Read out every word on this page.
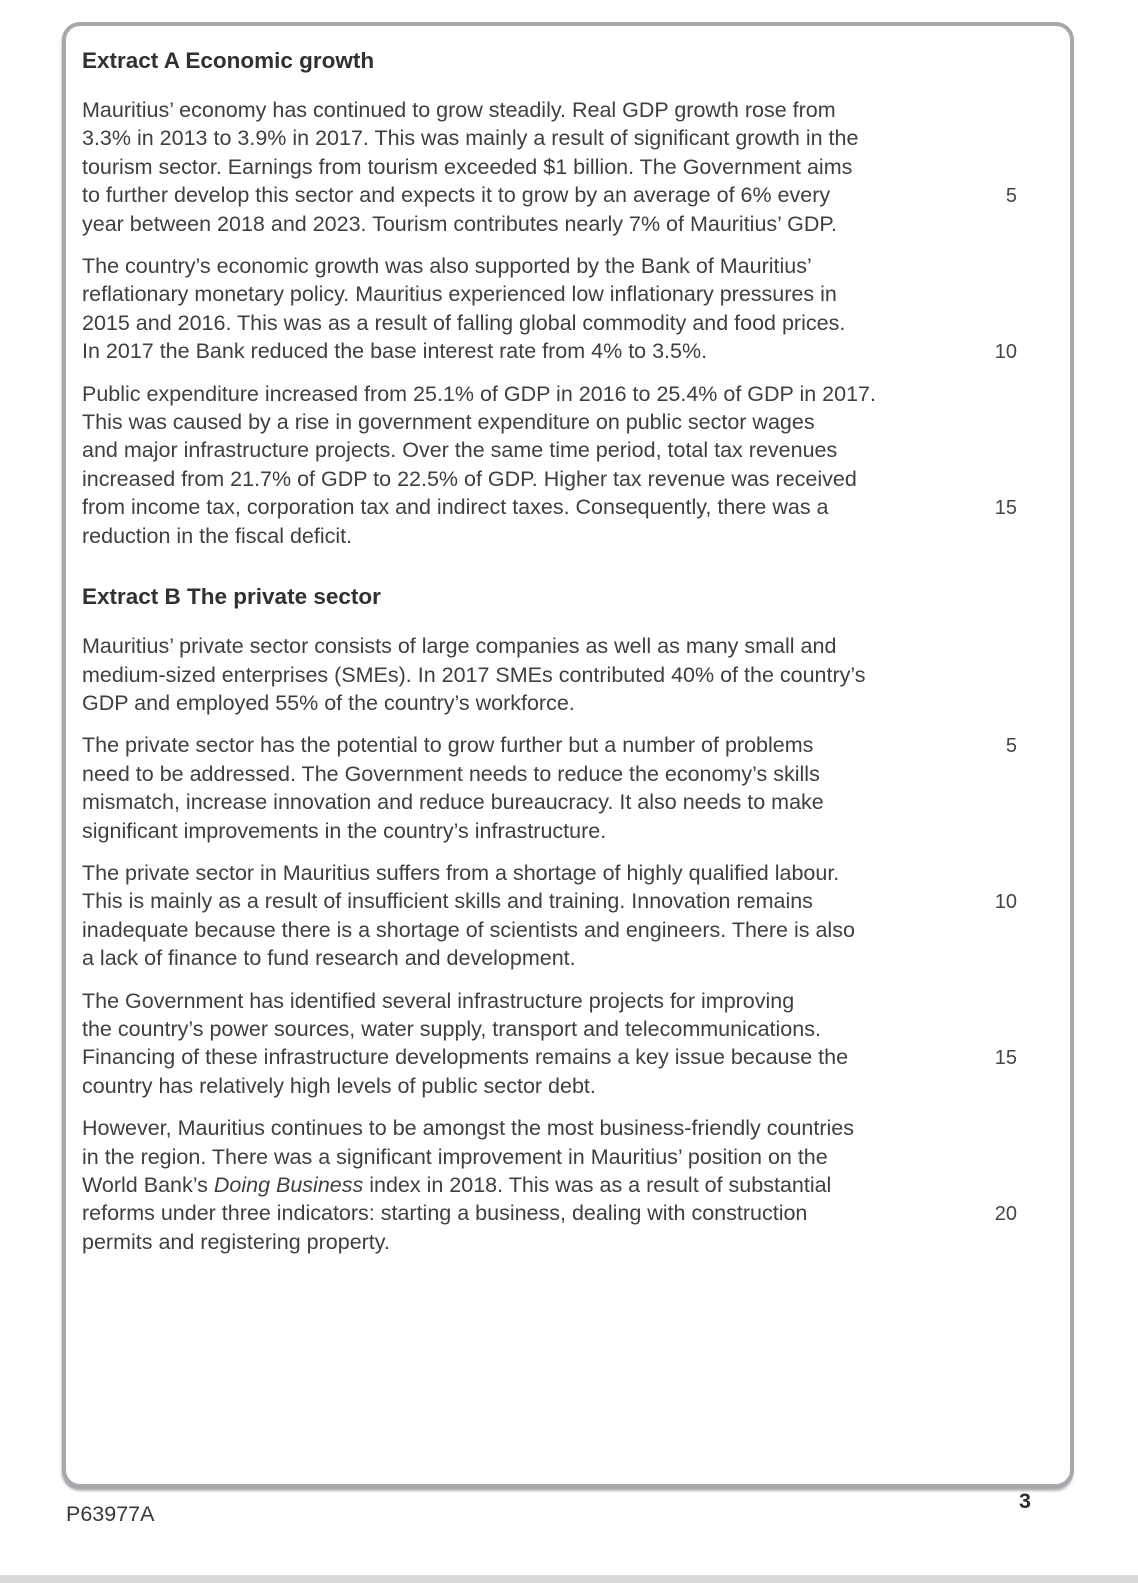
Extract A Economic growth
Mauritius’ economy has continued to grow steadily. Real GDP growth rose from
3.3% in 2013 to 3.9% in 2017. This was mainly a result of significant growth in the
tourism sector. Earnings from tourism exceeded $1 billion. The Government aims
to further develop this sector and expects it to grow by an average of 6% every	5
year between 2018 and 2023. Tourism contributes nearly 7% of Mauritius’ GDP.
The country’s economic growth was also supported by the Bank of Mauritius’
reflationary monetary policy. Mauritius experienced low inflationary pressures in
2015 and 2016. This was as a result of falling global commodity and food prices.
In 2017 the Bank reduced the base interest rate from 4% to 3.5%.	10
Public expenditure increased from 25.1% of GDP in 2016 to 25.4% of GDP in 2017.
This was caused by a rise in government expenditure on public sector wages
and major infrastructure projects. Over the same time period, total tax revenues
increased from 21.7% of GDP to 22.5% of GDP. Higher tax revenue was received
from income tax, corporation tax and indirect taxes. Consequently, there was a	15
reduction in the fiscal deficit.
Extract B The private sector
Mauritius’ private sector consists of large companies as well as many small and
medium-sized enterprises (SMEs). In 2017 SMEs contributed 40% of the country’s
GDP and employed 55% of the country’s workforce.
The private sector has the potential to grow further but a number of problems	5
need to be addressed. The Government needs to reduce the economy’s skills
mismatch, increase innovation and reduce bureaucracy. It also needs to make
significant improvements in the country’s infrastructure.
The private sector in Mauritius suffers from a shortage of highly qualified labour.
This is mainly as a result of insufficient skills and training. Innovation remains	10
inadequate because there is a shortage of scientists and engineers. There is also
a lack of finance to fund research and development.
The Government has identified several infrastructure projects for improving
the country’s power sources, water supply, transport and telecommunications.
Financing of these infrastructure developments remains a key issue because the	15
country has relatively high levels of public sector debt.
However, Mauritius continues to be amongst the most business-friendly countries
in the region. There was a significant improvement in Mauritius’ position on the
World Bank’s Doing Business index in 2018. This was as a result of substantial
reforms under three indicators: starting a business, dealing with construction	20
permits and registering property.
P63977A
3
